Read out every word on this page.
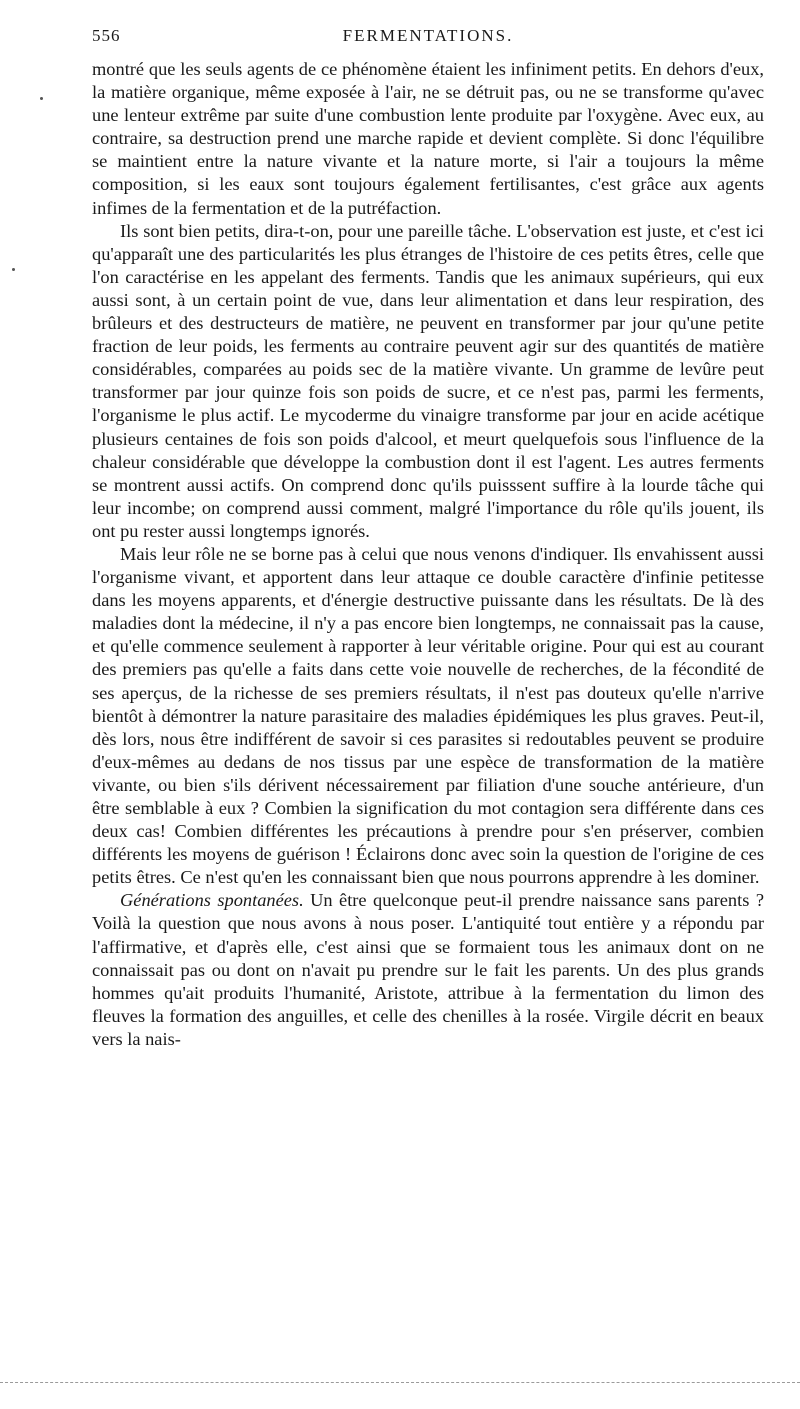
556	FERMENTATIONS.

montré que les seuls agents de ce phénomène étaient les infiniment petits. En dehors d'eux, la matière organique, même exposée à l'air, ne se détruit pas, ou ne se transforme qu'avec une lenteur extrême par suite d'une combustion lente produite par l'oxygène. Avec eux, au contraire, sa destruction prend une marche rapide et devient complète. Si donc l'équilibre se maintient entre la nature vivante et la nature morte, si l'air a toujours la même composition, si les eaux sont toujours également fertilisantes, c'est grâce aux agents infimes de la fermentation et de la putréfaction.

Ils sont bien petits, dira-t-on, pour une pareille tâche. L'observation est juste, et c'est ici qu'apparaît une des particularités les plus étranges de l'histoire de ces petits êtres, celle que l'on caractérise en les appelant des ferments. Tandis que les animaux supérieurs, qui eux aussi sont, à un certain point de vue, dans leur alimentation et dans leur respiration, des brûleurs et des destructeurs de matière, ne peuvent en transformer par jour qu'une petite fraction de leur poids, les ferments au contraire peuvent agir sur des quantités de matière considérables, comparées au poids sec de la matière vivante. Un gramme de levûre peut transformer par jour quinze fois son poids de sucre, et ce n'est pas, parmi les ferments, l'organisme le plus actif. Le mycoderme du vinaigre transforme par jour en acide acétique plusieurs centaines de fois son poids d'alcool, et meurt quelquefois sous l'influence de la chaleur considérable que développe la combustion dont il est l'agent. Les autres ferments se montrent aussi actifs. On comprend donc qu'ils puisssent suffire à la lourde tâche qui leur incombe; on comprend aussi comment, malgré l'importance du rôle qu'ils jouent, ils ont pu rester aussi longtemps ignorés.

Mais leur rôle ne se borne pas à celui que nous venons d'indiquer. Ils envahissent aussi l'organisme vivant, et apportent dans leur attaque ce double caractère d'infinie petitesse dans les moyens apparents, et d'énergie destructive puissante dans les résultats. De là des maladies dont la médecine, il n'y a pas encore bien longtemps, ne connaissait pas la cause, et qu'elle commence seulement à rapporter à leur véritable origine. Pour qui est au courant des premiers pas qu'elle a faits dans cette voie nouvelle de recherches, de la fécondité de ses aperçus, de la richesse de ses premiers résultats, il n'est pas douteux qu'elle n'arrive bientôt à démontrer la nature parasitaire des maladies épidémiques les plus graves. Peut-il, dès lors, nous être indifférent de savoir si ces parasites si redoutables peuvent se produire d'eux-mêmes au dedans de nos tissus par une espèce de transformation de la matière vivante, ou bien s'ils dérivent nécessairement par filiation d'une souche antérieure, d'un être semblable à eux ? Combien la signification du mot contagion sera différente dans ces deux cas! Combien différentes les précautions à prendre pour s'en préserver, combien différents les moyens de guérison ! Éclairons donc avec soin la question de l'origine de ces petits êtres. Ce n'est qu'en les connaissant bien que nous pourrons apprendre à les dominer.

Générations spontanées. Un être quelconque peut-il prendre naissance sans parents ? Voilà la question que nous avons à nous poser. L'antiquité tout entière y a répondu par l'affirmative, et d'après elle, c'est ainsi que se formaient tous les animaux dont on ne connaissait pas ou dont on n'avait pu prendre sur le fait les parents. Un des plus grands hommes qu'ait produits l'humanité, Aristote, attribue à la fermentation du limon des fleuves la formation des anguilles, et celle des chenilles à la rosée. Virgile décrit en beaux vers la nais-
